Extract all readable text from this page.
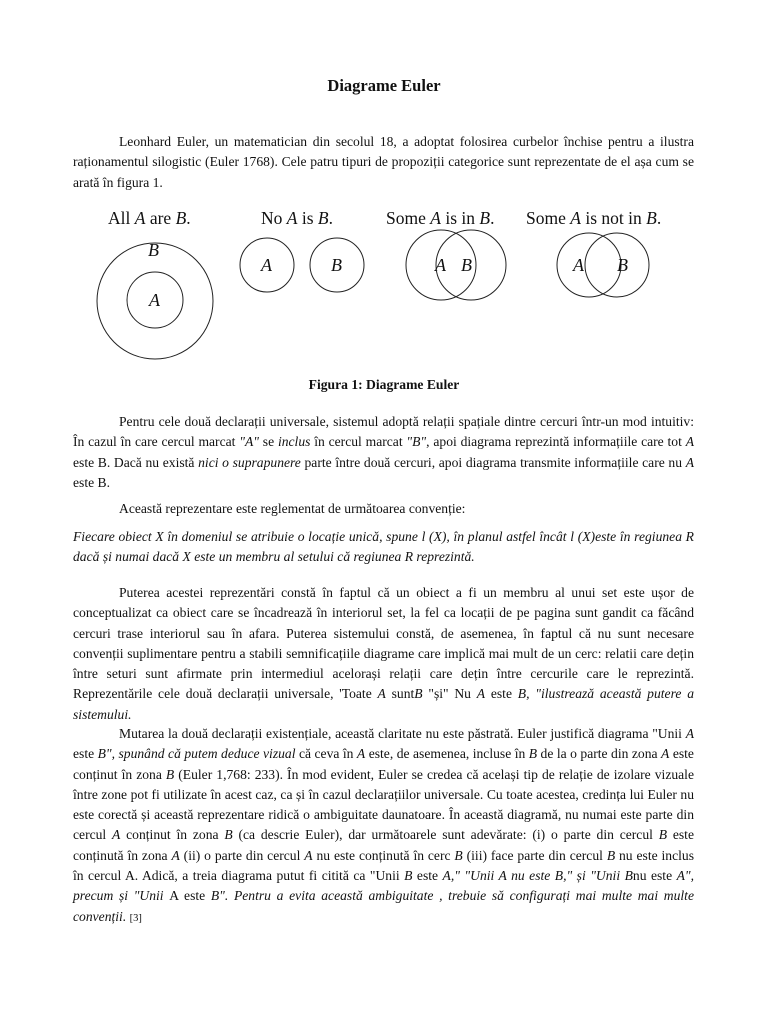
Diagrame Euler

Leonhard Euler, un matematician din secolul 18, a adoptat folosirea curbelor închise pentru a ilustra raționamentul silogistic (Euler 1768). Cele patru tipuri de propoziții categorice sunt reprezentate de el așa cum se arată în figura 1.

All A are B.	No A is B.	Some A is in B. Some A is not in B.
B
A
A	B	A B	A B

Figura 1: Diagrame Euler

Pentru cele două declarații universale, sistemul adoptă relații spațiale dintre cercuri într-un mod intuitiv: În cazul în care cercul marcat "A" se inclus în cercul marcat "B", apoi diagrama reprezintă informațiile care tot A este B. Dacă nu există nici o suprapunere parte între două cercuri, apoi diagrama transmite informațiile care nu A este B.

Această reprezentare este reglementat de următoarea convenție:

Fiecare obiect X în domeniul se atribuie o locație unică, spune l (X), în planul astfel încât l (X)este în regiunea R dacă și numai dacă X este un membru al setului că regiunea R reprezintă.

Puterea acestei reprezentări constă în faptul că un obiect a fi un membru al unui set este ușor de conceptualizat ca obiect care se încadrează în interiorul set, la fel ca locații de pe pagina sunt gandit ca făcând cercuri trase interiorul sau în afara. Puterea sistemului constă, de asemenea, în faptul că nu sunt necesare convenții suplimentare pentru a stabili semnificațiile diagrame care implică mai mult de un cerc: relatii care dețin între seturi sunt afirmate prin intermediul acelorași relații care dețin între cercurile care le reprezintă. Reprezentările cele două declarații universale, 'Toate A suntB "și" Nu A este B, "ilustrează această putere a sistemului.

Mutarea la două declarații existențiale, această claritate nu este păstrată. Euler justifică diagrama "Unii A este B", spunând că putem deduce vizual că ceva în A este, de asemenea, incluse în B de la o parte din zona A este conținut în zona B (Euler 1,768: 233). În mod evident, Euler se credea că același tip de relație de izolare vizuale între zone pot fi utilizate în acest caz, ca și în cazul declarațiilor universale. Cu toate acestea, credința lui Euler nu este corectă și această reprezentare ridică o ambiguitate daunatoare. În această diagramă, nu numai este parte din cercul A conținut în zona B (ca descrie Euler), dar următoarele sunt adevărate: (i) o parte din cercul B este conținută în zona A (ii) o parte din cercul A nu este conținută în cerc B (iii) face parte din cercul B nu este inclus în cercul A. Adică, a treia diagrama putut fi citită ca "Unii B este A," "Unii A nu este B," și "Unii Bnu este A", precum și "Unii A este B". Pentru a evita această ambiguitate , trebuie să configurați mai multe mai multe convenții. [3]
